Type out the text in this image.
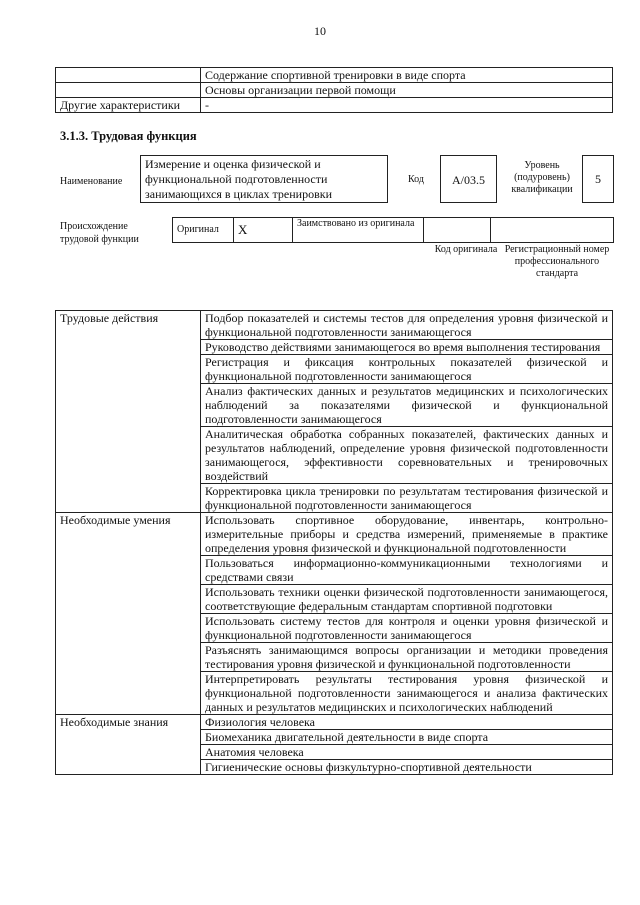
10
	Содержание спортивной тренировки в виде спорта
	Основы организации первой помощи
Другие характеристики	-
3.1.3. Трудовая функция
Наименование
Измерение и оценка физической и функциональной подготовленности занимающихся в циклах тренировки
Код	А/03.5
Уровень (подуровень) квалификации
5
Происхождение трудовой функции
Оригинал	X	Заимствовано из оригинала		
Код оригинала Регистрационный номер профессионального стандарта
Трудовые действия	Подбор показателей и системы тестов для определения уровня физической и функциональной подготовленности занимающегося
	Руководство действиями занимающегося во время выполнения тестирования
	Регистрация и фиксация контрольных показателей физической и функциональной подготовленности занимающегося
	Анализ фактических данных и результатов медицинских и психологических наблюдений за показателями физической и функциональной подготовленности занимающегося
	Аналитическая обработка собранных показателей, фактических данных и результатов наблюдений, определение уровня физической подготовленности занимающегося, эффективности соревновательных и тренировочных воздействий
	Корректировка цикла тренировки по результатам тестирования физической и функциональной подготовленности занимающегося
Необходимые умения	Использовать спортивное оборудование, инвентарь, контрольно-измерительные приборы и средства измерений, применяемые в практике определения уровня физической и функциональной подготовленности
	Пользоваться информационно-коммуникационными технологиями и средствами связи
	Использовать техники оценки физической подготовленности занимающегося, соответствующие федеральным стандартам спортивной подготовки
	Использовать систему тестов для контроля и оценки уровня физической и функциональной подготовленности занимающегося
	Разъяснять занимающимся вопросы организации и методики проведения тестирования уровня физической и функциональной подготовленности
	Интерпретировать результаты тестирования уровня физической и функциональной подготовленности занимающегося и анализа фактических данных и результатов медицинских и психологических наблюдений
Необходимые знания	Физиология человека
	Биомеханика двигательной деятельности в виде спорта
	Анатомия человека
	Гигиенические основы физкультурно-спортивной деятельности
